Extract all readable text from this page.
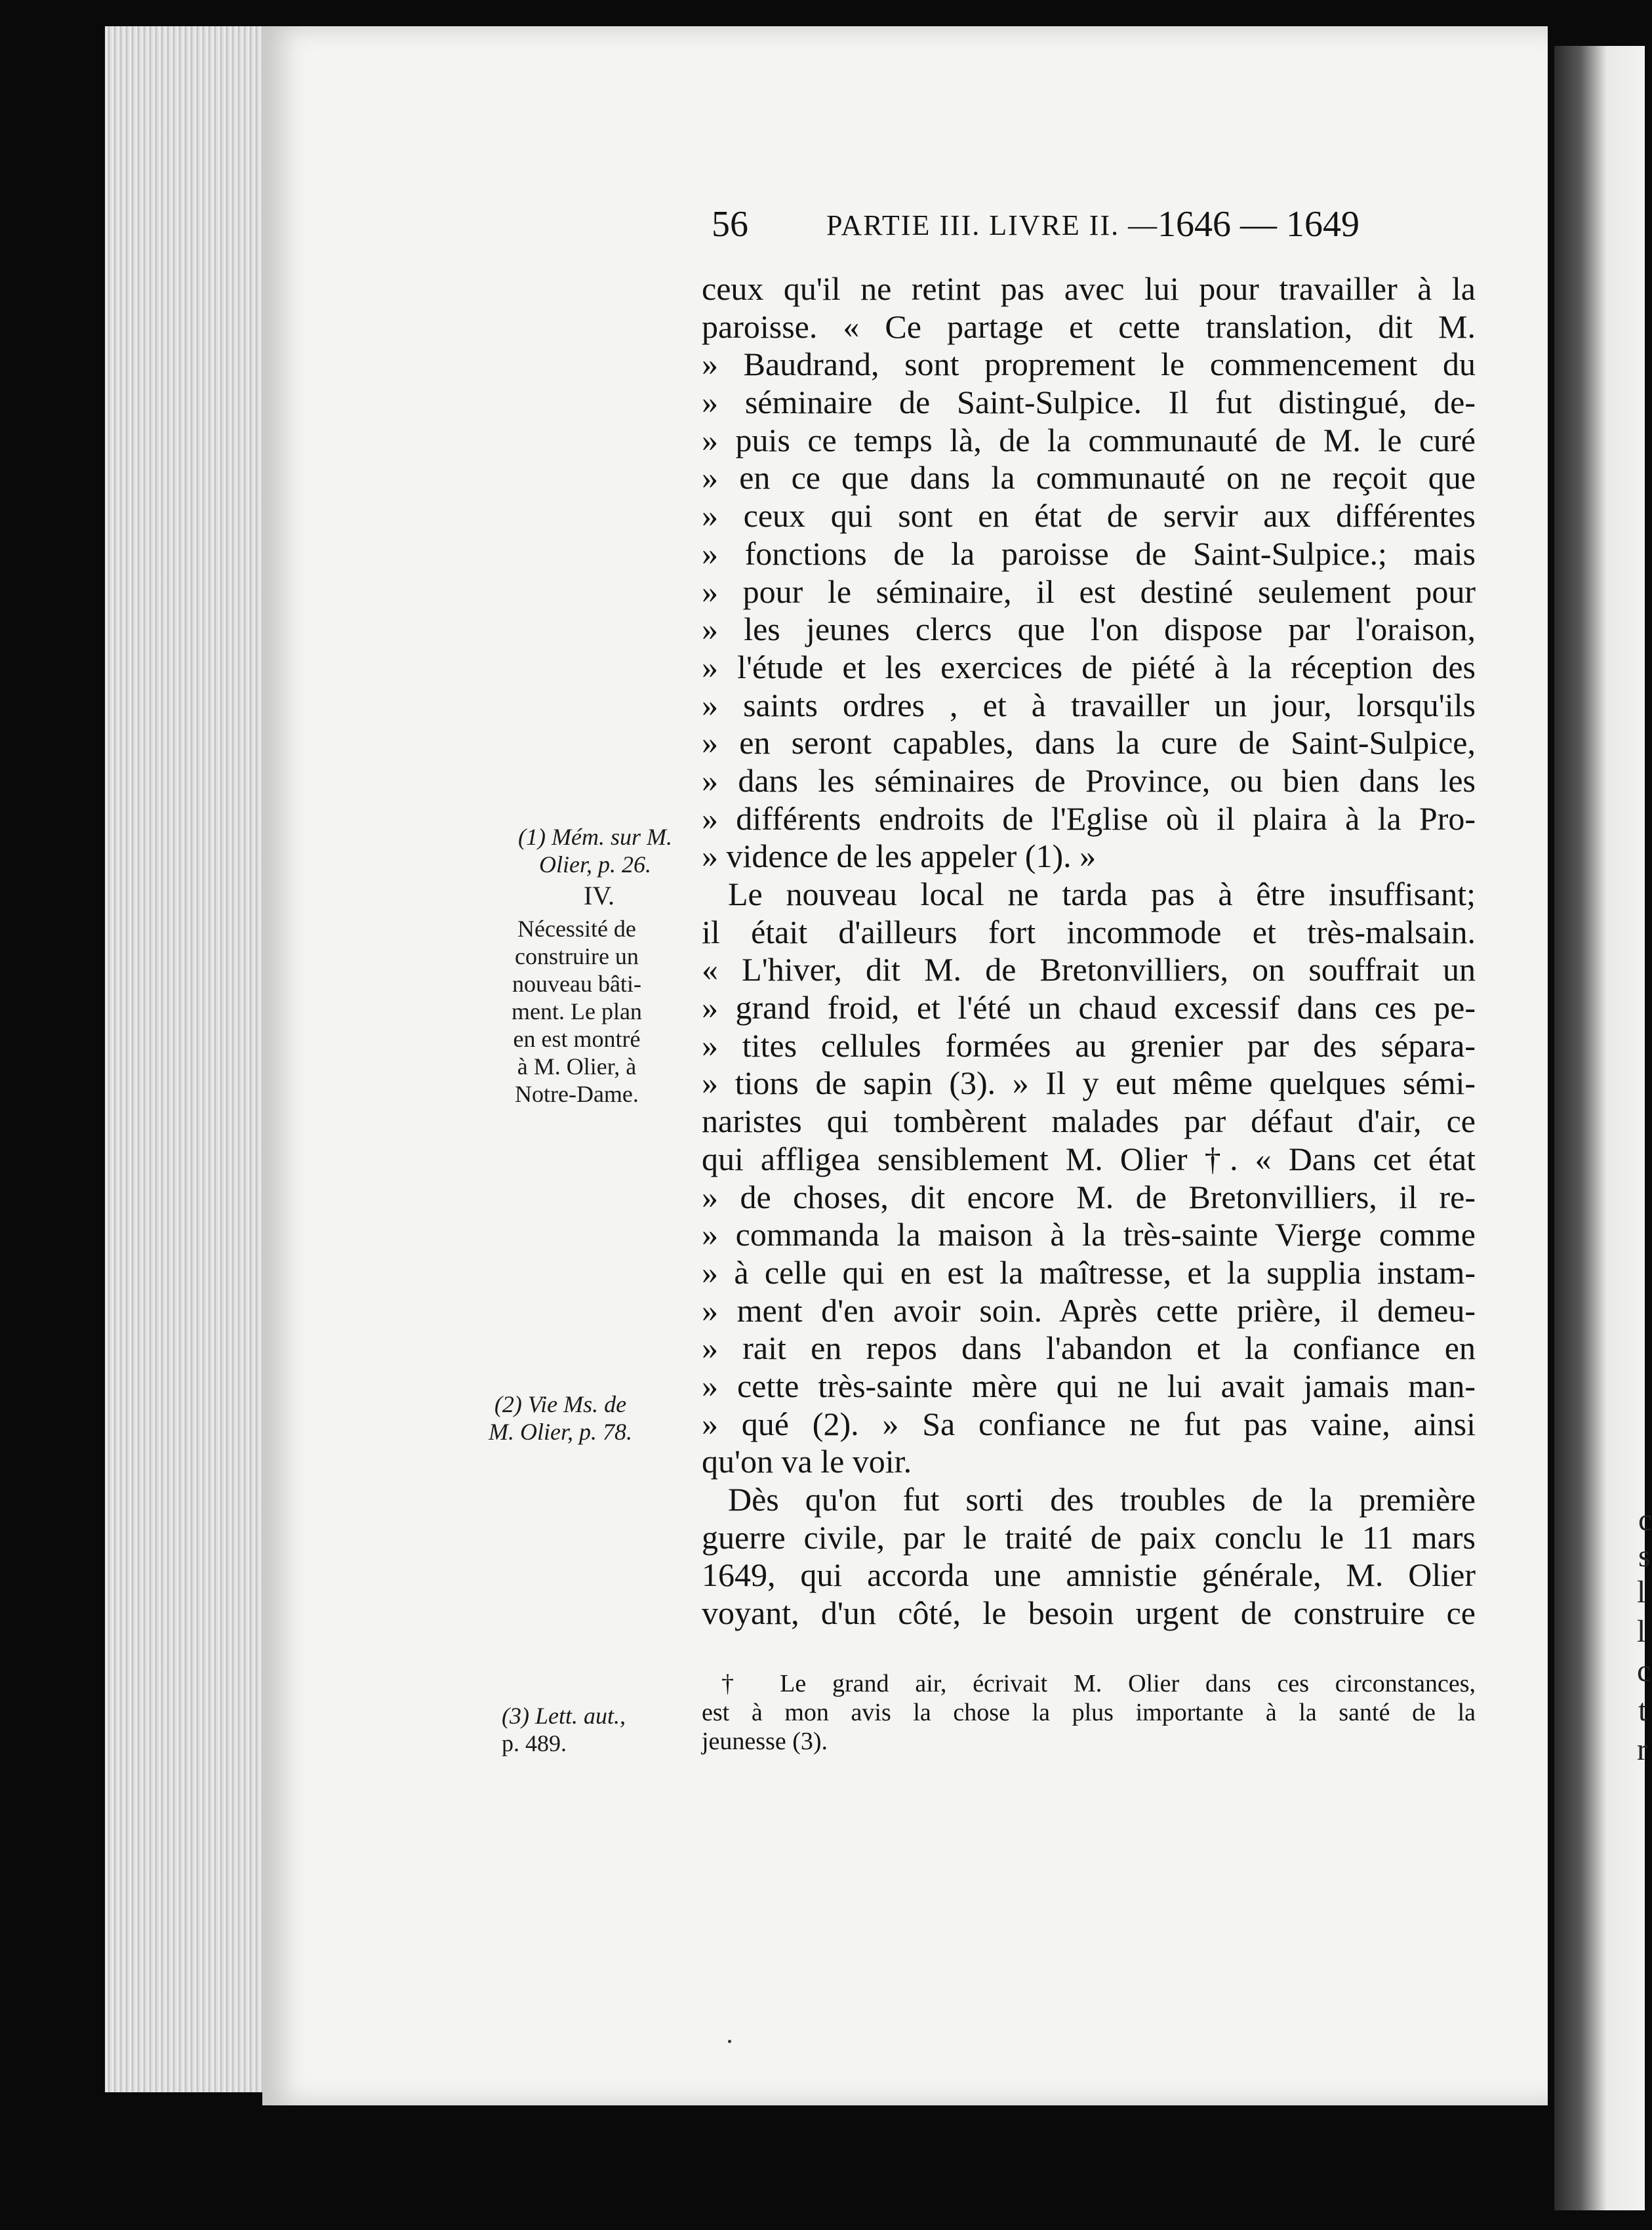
c
s
l
l
c
t
r
56	PARTIE III. LIVRE II. —
1646 — 1649
ceux qu'il ne retint pas avec lui pour travailler à la
paroisse. « Ce partage et cette translation, dit M.
» Baudrand, sont proprement le commencement du
» séminaire de Saint-Sulpice. Il fut distingué, de-
» puis ce temps là, de la communauté de M. le curé
» en ce que dans la communauté on ne reçoit que
» ceux qui sont en état de servir aux différentes
» fonctions de la paroisse de Saint-Sulpice.; mais
» pour le séminaire, il est destiné seulement pour
» les jeunes clercs que l'on dispose par l'oraison,
» l'étude et les exercices de piété à la réception des
» saints ordres , et à travailler un jour, lorsqu'ils
» en seront capables, dans la cure de Saint-Sulpice,
» dans les séminaires de Province, ou bien dans les
» différents endroits de l'Eglise où il plaira à la Pro-
» vidence de les appeler (1). »
Le nouveau local ne tarda pas à être insuffisant;
il était d'ailleurs fort incommode et très-malsain.
« L'hiver, dit M. de Bretonvilliers, on souffrait un
» grand froid, et l'été un chaud excessif dans ces pe-
» tites cellules formées au grenier par des sépara-
» tions de sapin (3). » Il y eut même quelques sémi-
naristes qui tombèrent malades par défaut d'air, ce
qui affligea sensiblement M. Olier †. « Dans cet état
» de choses, dit encore M. de Bretonvilliers, il re-
» commanda la maison à la très-sainte Vierge comme
» à celle qui en est la maîtresse, et la supplia instam-
» ment d'en avoir soin. Après cette prière, il demeu-
» rait en repos dans l'abandon et la confiance en
» cette très-sainte mère qui ne lui avait jamais man-
» qué (2). » Sa confiance ne fut pas vaine, ainsi
qu'on va le voir.
Dès qu'on fut sorti des troubles de la première
guerre civile, par le traité de paix conclu le 11 mars
1649, qui accorda une amnistie générale, M. Olier
voyant, d'un côté, le besoin urgent de construire ce
(1) Mém. sur M.
Olier, p. 26.
IV.
Nécessité de
construire un
nouveau bâti-
ment. Le plan
en est montré
à M. Olier, à
Notre-Dame.
(2) Vie Ms. de
M. Olier, p. 78.
(3) Lett. aut.,
p. 489.
† Le grand air, écrivait M. Olier dans ces circonstances,
est à mon avis la chose la plus importante à la santé de la
jeunesse (3).
